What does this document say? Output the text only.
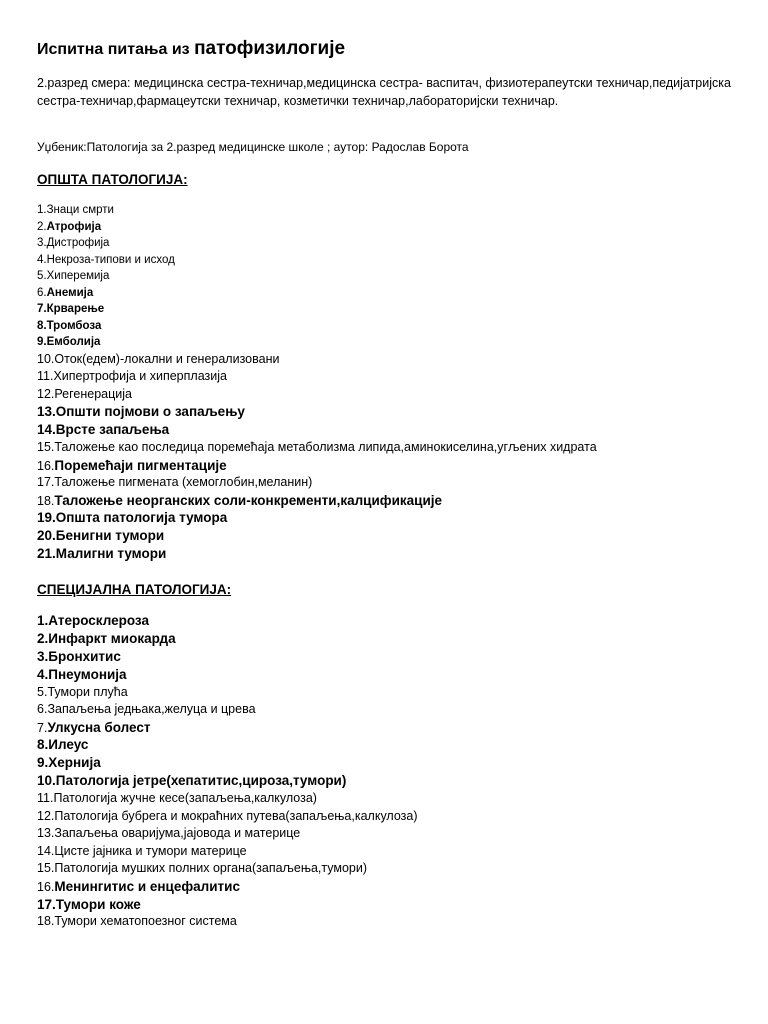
Испитна питања из патофизилогије

2.разред смера: медицинска сестра-техничар,медицинска сестра- васпитач, физиотерапеутски техничар,педијатријска сестра-техничар,фармацеутски техничар, козметички техничар,лабораторијски техничар.

Уџбеник:Патологија за 2.разред медицинске школе ; аутор: Радослав Борота

ОПШТА ПАТОЛОГИЈА:
1.Знаци смрти
2.Атрофија
3.Дистрофија
4.Некроза-типови и исход
5.Хиперемија
6.Анемија
7.Крварење
8.Тромбоза
9.Емболија
10.Оток(едем)-локални и генерализовани
11.Хипертрофија и хиперплазија
12.Регенерација
13.Општи појмови о запаљењу
14.Врсте запаљења
15.Таложење као последица поремећаја метаболизма липида,аминокиселина,угљених хидрата
16.Поремећаји пигментације
17.Таложење пигмената (хемоглобин,меланин)
18.Таложење неорганских соли-конкременти,калцификације
19.Општа патологија тумора
20.Бенигни тумори
21.Малигни тумори
СПЕЦИЈАЛНА ПАТОЛОГИЈА:
1.Атеросклероза
2.Инфаркт миокарда
3.Бронхитис
4.Пнеумонија
5.Тумори плућа
6.Запаљења једњака,желуца и црева
7.Улкусна болест
8.Илеус
9.Хернија
10.Патологија јетре(хепатитис,цироза,тумори)
11.Патологија жучне кесе(запаљења,калкулоза)
12.Патологија бубрега и мокраћних путева(запаљења,калкулоза)
13.Запаљења оваријума,јајовода и материце
14.Цисте јајника и тумори материце
15.Патологија мушких полних органа(запаљења,тумори)
16.Менингитис и енцефалитис
17.Тумори коже
18.Тумори хематопоезног система
